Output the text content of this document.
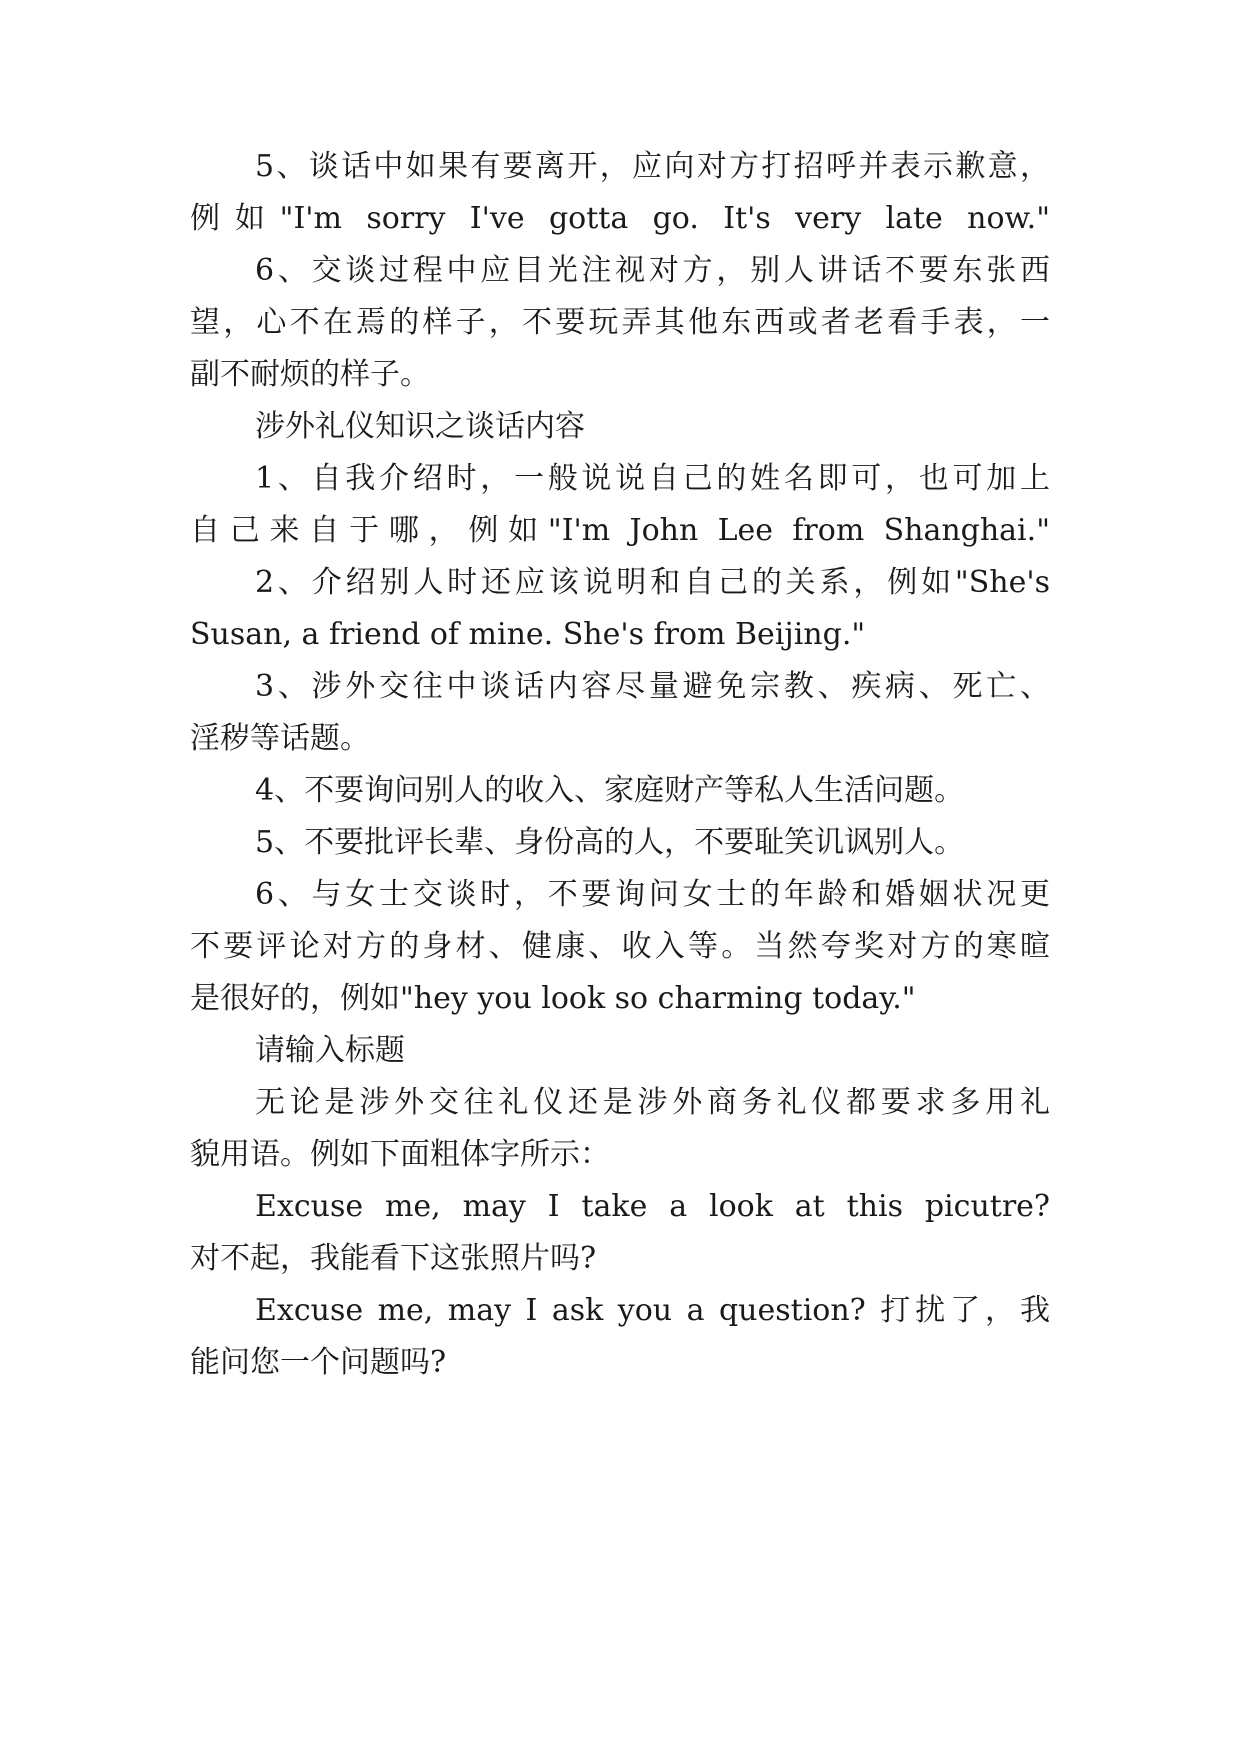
5、谈话中如果有要离开，应向对方打招呼并表示歉意，
例如"I'm sorry I've gotta go. It's very late now."
6、交谈过程中应目光注视对方，别人讲话不要东张西
望，心不在焉的样子，不要玩弄其他东西或者老看手表，一
副不耐烦的样子。
涉外礼仪知识之谈话内容
1、自我介绍时，一般说说自己的姓名即可，也可加上
自己来自于哪，例如"I'm John Lee from Shanghai."
2、介绍别人时还应该说明和自己的关系，例如"She's
Susan, a friend of mine. She's from Beijing."
3、涉外交往中谈话内容尽量避免宗教、疾病、死亡、
淫秽等话题。
4、不要询问别人的收入、家庭财产等私人生活问题。
5、不要批评长辈、身份高的人，不要耻笑讥讽别人。
6、与女士交谈时，不要询问女士的年龄和婚姻状况更
不要评论对方的身材、健康、收入等。当然夸奖对方的寒暄
是很好的，例如"hey you look so charming today."
请输入标题
无论是涉外交往礼仪还是涉外商务礼仪都要求多用礼
貌用语。例如下面粗体字所示：
Excuse me, may I take a look at this picutre?
对不起，我能看下这张照片吗?
Excuse me, may I ask you a question? 打扰了，我
能问您一个问题吗?
